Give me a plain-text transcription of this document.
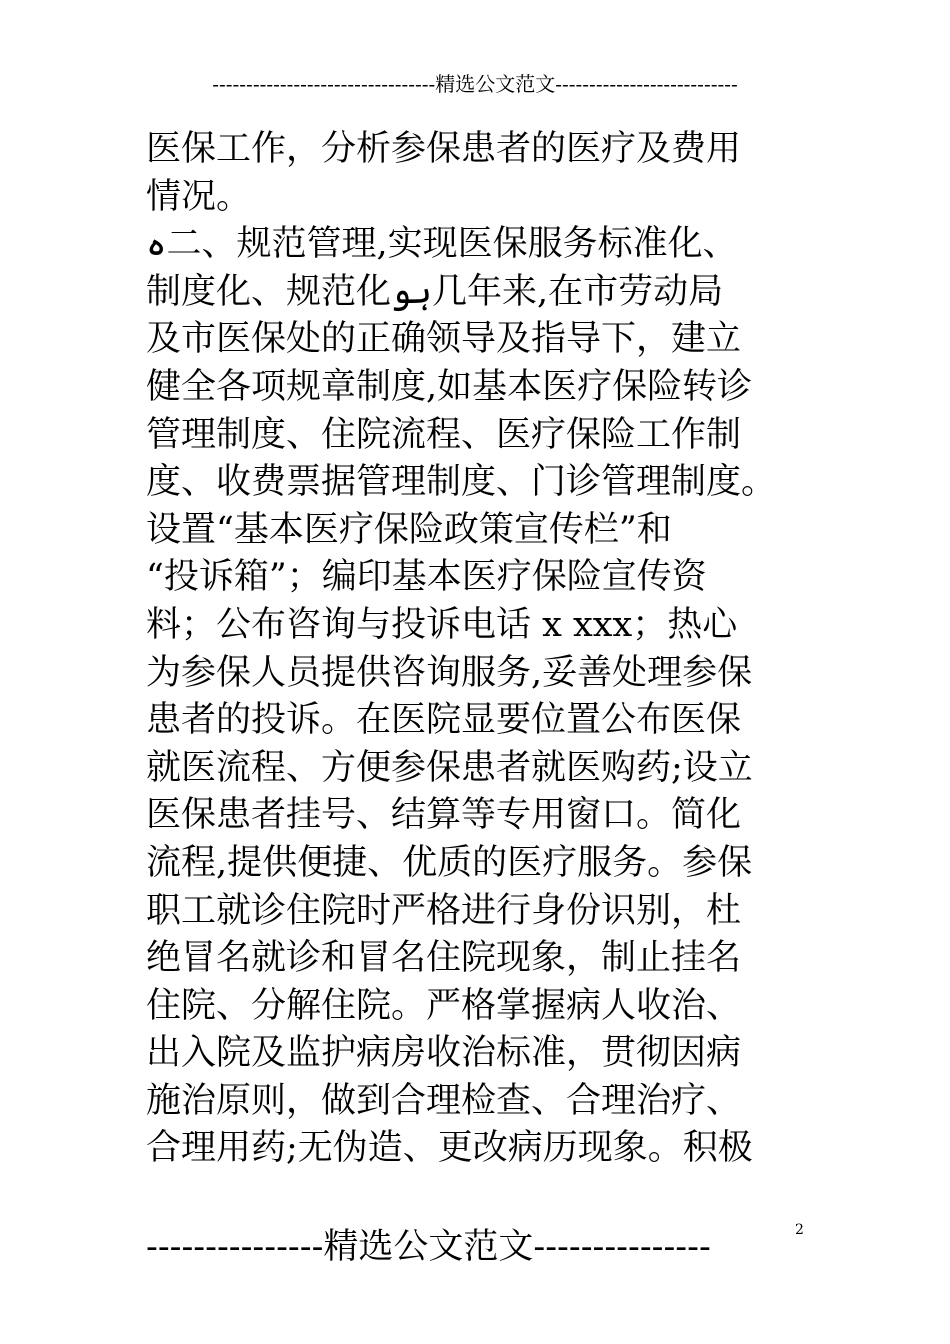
---------------------------------精选公文范文---------------------------
医保工作，分析参保患者的医疗及费用
情况。
ہ二、规范管理,实现医保服务标准化、
制度化、规范化ہو几年来,在市劳动局
及市医保处的正确领导及指导下，建立
健全各项规章制度,如基本医疗保险转诊
管理制度、住院流程、医疗保险工作制
度、收费票据管理制度、门诊管理制度。
设置“基本医疗保险政策宣传栏”和
“投诉箱”；编印基本医疗保险宣传资
料；公布咨询与投诉电话 x xxx；热心
为参保人员提供咨询服务,妥善处理参保
患者的投诉。在医院显要位置公布医保
就医流程、方便参保患者就医购药;设立
医保患者挂号、结算等专用窗口。简化
流程,提供便捷、优质的医疗服务。参保
职工就诊住院时严格进行身份识别，杜
绝冒名就诊和冒名住院现象，制止挂名
住院、分解住院。严格掌握病人收治、
出入院及监护病房收治标准，贯彻因病
施治原则，做到合理检查、合理治疗、
合理用药;无伪造、更改病历现象。积极
---------------精选公文范文---------------	2
